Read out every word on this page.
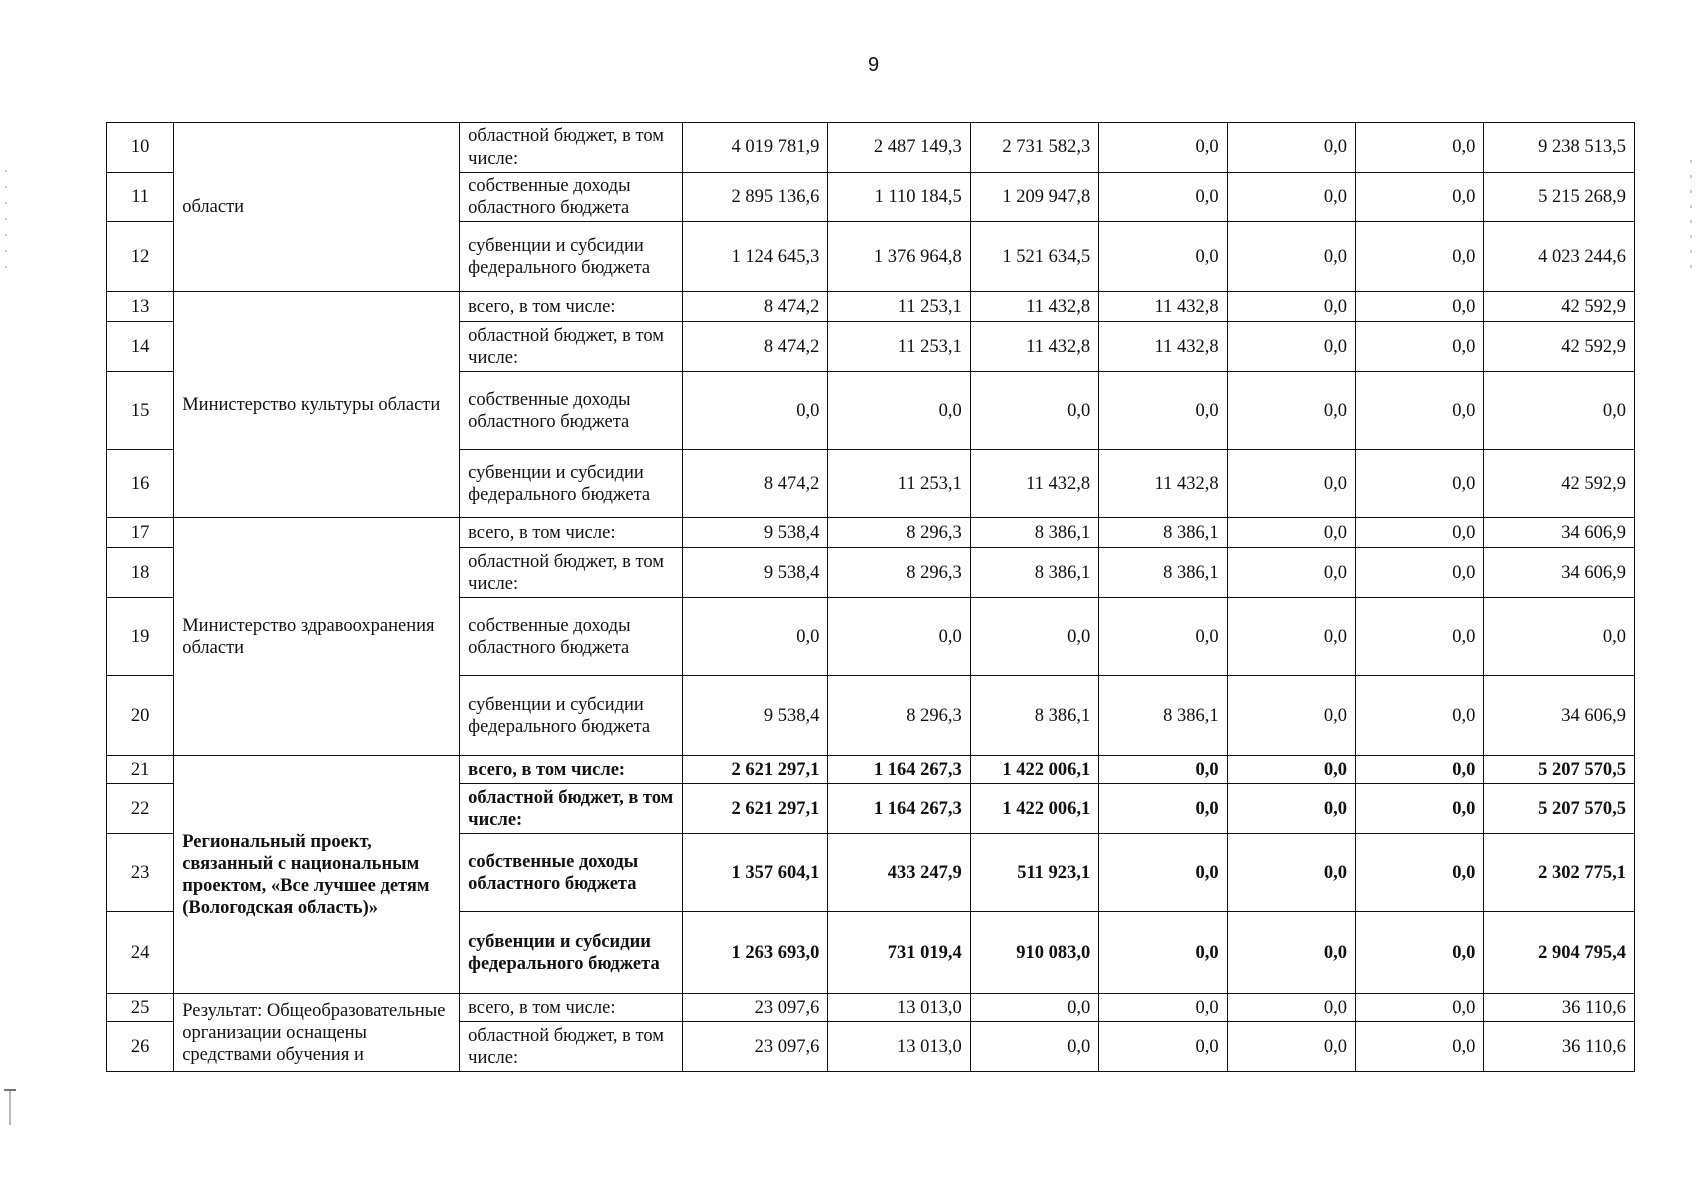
9
10	области	областной бюджет, в том числе:	4 019 781,9	2 487 149,3	2 731 582,3	0,0	0,0	0,0	9 238 513,5
11		собственные доходы областного бюджета	2 895 136,6	1 110 184,5	1 209 947,8	0,0	0,0	0,0	5 215 268,9
12		субвенции и субсидии федерального бюджета	1 124 645,3	1 376 964,8	1 521 634,5	0,0	0,0	0,0	4 023 244,6
13	Министерство культуры области	всего, в том числе:	8 474,2	11 253,1	11 432,8	11 432,8	0,0	0,0	42 592,9
14		областной бюджет, в том числе:	8 474,2	11 253,1	11 432,8	11 432,8	0,0	0,0	42 592,9
15		собственные доходы областного бюджета	0,0	0,0	0,0	0,0	0,0	0,0	0,0
16		субвенции и субсидии федерального бюджета	8 474,2	11 253,1	11 432,8	11 432,8	0,0	0,0	42 592,9
17	Министерство здравоохранения области	всего, в том числе:	9 538,4	8 296,3	8 386,1	8 386,1	0,0	0,0	34 606,9
18		областной бюджет, в том числе:	9 538,4	8 296,3	8 386,1	8 386,1	0,0	0,0	34 606,9
19		собственные доходы областного бюджета	0,0	0,0	0,0	0,0	0,0	0,0	0,0
20		субвенции и субсидии федерального бюджета	9 538,4	8 296,3	8 386,1	8 386,1	0,0	0,0	34 606,9
21	Региональный проект, связанный с национальным проектом, «Все лучшее детям (Вологодская область)»	всего, в том числе:	2 621 297,1	1 164 267,3	1 422 006,1	0,0	0,0	0,0	5 207 570,5
22		областной бюджет, в том числе:	2 621 297,1	1 164 267,3	1 422 006,1	0,0	0,0	0,0	5 207 570,5
23		собственные доходы областного бюджета	1 357 604,1	433 247,9	511 923,1	0,0	0,0	0,0	2 302 775,1
24		субвенции и субсидии федерального бюджета	1 263 693,0	731 019,4	910 083,0	0,0	0,0	0,0	2 904 795,4
25	Результат: Общеобразовательные организации оснащены средствами обучения и	всего, в том числе:	23 097,6	13 013,0	0,0	0,0	0,0	0,0	36 110,6
26		областной бюджет, в том числе:	23 097,6	13 013,0	0,0	0,0	0,0	0,0	36 110,6
